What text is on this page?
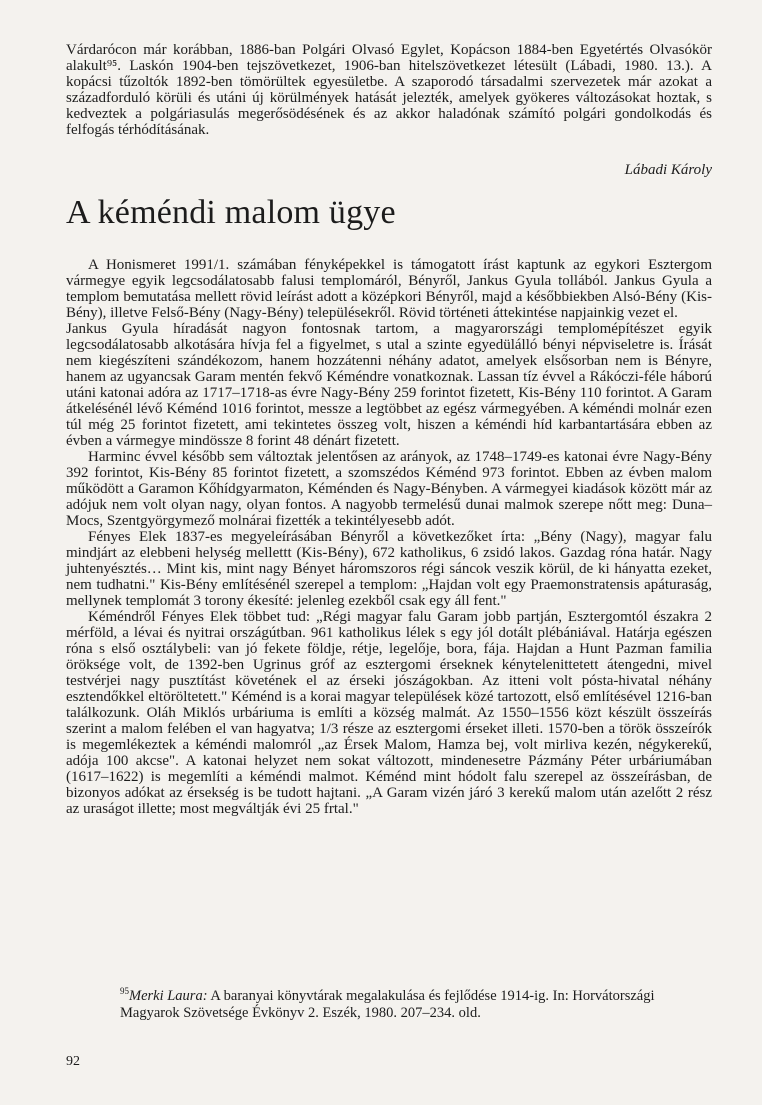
Várdarócon már korábban, 1886-ban Polgári Olvasó Egylet, Kopácson 1884-ben Egyetértés Olvasókör alakult⁹⁵. Laskón 1904-ben tejszövetkezet, 1906-ban hitelszövetkezet létesült (Lábadi, 1980. 13.). A kopácsi tűzoltók 1892-ben tömörültek egyesületbe. A szaporodó társadalmi szervezetek már azokat a századforduló körüli és utáni új körülmények hatását jelezték, amelyek gyökeres változásokat hoztak, s kedveztek a polgáriasulás megerősödésének és az akkor haladónak számító polgári gondolkodás és felfogás térhódításának.

Lábadi Károly
A kéméndi malom ügye

A Honismeret 1991/1. számában fényképekkel is támogatott írást kaptunk az egykori Esztergom vármegye egyik legcsodálatosabb falusi templomáról, Bényről, Jankus Gyula tollából. Jankus Gyula a templom bemutatása mellett rövid leírást adott a középkori Bényről, majd a későbbiekben Alsó-Bény (Kis-Bény), illetve Felső-Bény (Nagy-Bény) településekről. Rövid történeti áttekintése napjainkig vezet el.

Jankus Gyula híradását nagyon fontosnak tartom, a magyarországi templomépítészet egyik legcsodálatosabb alkotására hívja fel a figyelmet, s utal a szinte egyedülálló bényi népviseletre is. Írását nem kiegészíteni szándékozom, hanem hozzátenni néhány adatot, amelyek elsősorban nem is Bényre, hanem az ugyancsak Garam mentén fekvő Kéméndre vonatkoznak. Lassan tíz évvel a Rákóczi-féle háború utáni katonai adóra az 1717–1718-as évre Nagy-Bény 259 forintot fizetett, Kis-Bény 110 forintot. A Garam átkelésénél lévő Kéménd 1016 forintot, messze a legtöbbet az egész vármegyében. A kéméndi molnár ezen túl még 25 forintot fizetett, ami tekintetes összeg volt, hiszen a kéméndi híd karbantartására ebben az évben a vármegye mindössze 8 forint 48 dénárt fizetett.

Harminc évvel később sem változtak jelentősen az arányok, az 1748–1749-es katonai évre Nagy-Bény 392 forintot, Kis-Bény 85 forintot fizetett, a szomszédos Kéménd 973 forintot. Ebben az évben malom működött a Garamon Kőhídgyarmaton, Kéménden és Nagy-Bényben. A vármegyei kiadások között már az adójuk nem volt olyan nagy, olyan fontos. A nagyobb termelésű dunai malmok szerepe nőtt meg: Duna–Mocs, Szentgyörgymező molnárai fizették a tekintélyesebb adót.

Fényes Elek 1837-es megyeleírásában Bényről a következőket írta: „Bény (Nagy), magyar falu mindjárt az elebbeni helység mellettt (Kis-Bény), 672 katholikus, 6 zsidó lakos. Gazdag róna határ. Nagy juhtenyésztés… Mint kis, mint nagy Bényet háromszoros régi sáncok veszik körül, de ki hányatta ezeket, nem tudhatni." Kis-Bény említésénél szerepel a templom: „Hajdan volt egy Praemonstratensis apáturaság, mellynek templomát 3 torony ékesíté: jelenleg ezekből csak egy áll fent."

Kéméndről Fényes Elek többet tud: „Régi magyar falu Garam jobb partján, Esztergomtól északra 2 mérföld, a lévai és nyitrai országútban. 961 katholikus lélek s egy jól dotált plébániával. Határja egészen róna s első osztálybeli: van jó fekete földje, rétje, legelője, bora, fája. Hajdan a Hunt Pazman familia öröksége volt, de 1392-ben Ugrinus gróf az esztergomi érseknek kénytelenittetett átengedni, mivel testvérjei nagy pusztítást követének el az érseki jószágokban. Az itteni volt pósta-hivatal néhány esztendőkkel eltöröltetett." Kéménd is a korai magyar települések közé tartozott, első említésével 1216-ban találkozunk. Oláh Miklós urbáriuma is említi a község malmát. Az 1550–1556 közt készült összeírás szerint a malom felében el van hagyatva; 1/3 része az esztergomi érseket illeti. 1570-ben a török összeírók is megemlékeztek a kéméndi malomról „az Érsek Malom, Hamza bej, volt mirliva kezén, négykerekű, adója 100 akcse". A katonai helyzet nem sokat változott, mindenesetre Pázmány Péter urbáriumában (1617–1622) is megemlíti a kéméndi malmot. Kéménd mint hódolt falu szerepel az összeírásban, de bizonyos adókat az érsekség is be tudott hajtani. „A Garam vizén járó 3 kerekű malom után azelőtt 2 rész az uraságot illette; most megváltják évi 25 frtal."

$^{95}$Merki Laura: A baranyai könyvtárak megalakulása és fejlődése 1914-ig. In: Horvátországi Magyarok Szövetsége Évkönyv 2. Eszék, 1980. 207–234. old.
92
